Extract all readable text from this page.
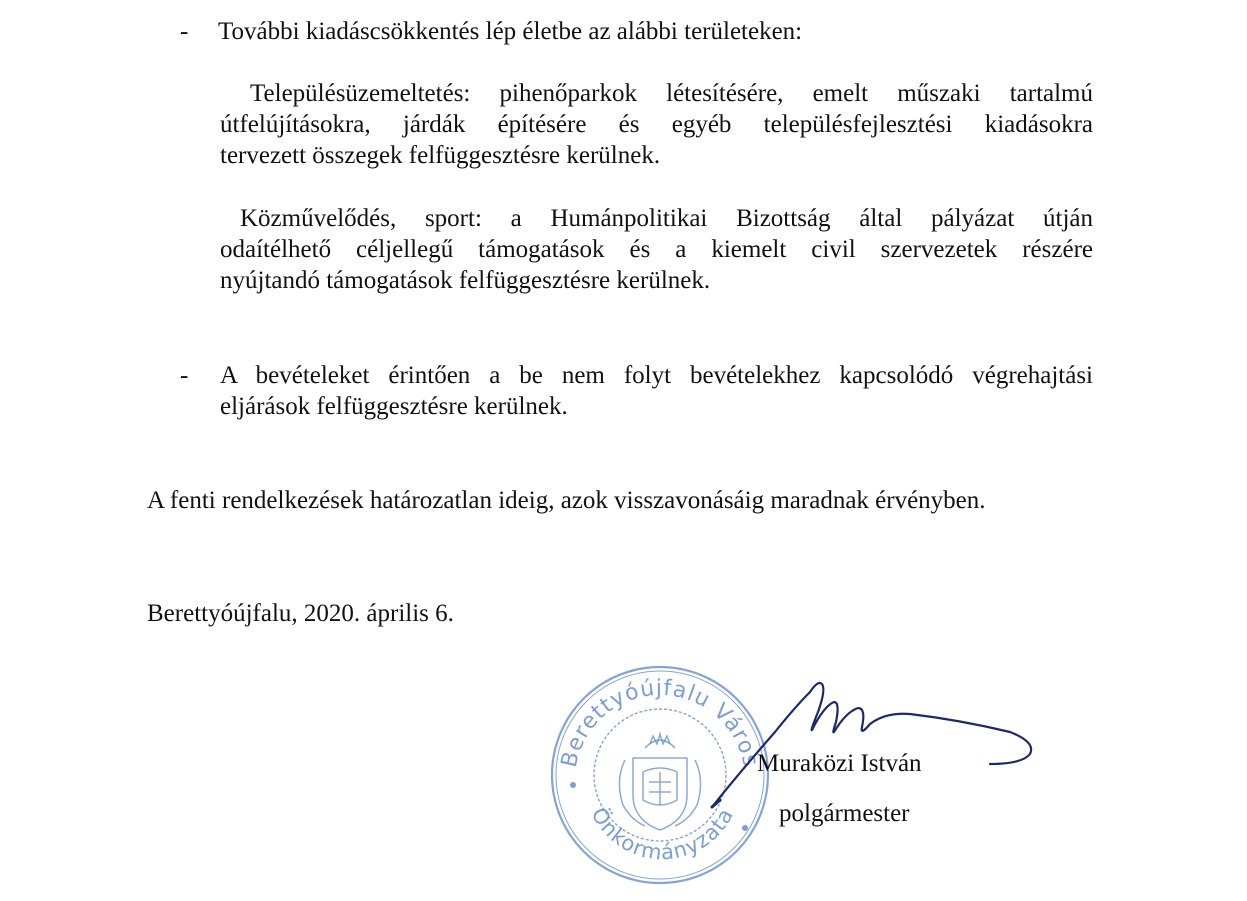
- További kiadáscsökkentés lép életbe az alábbi területeken:
Településüzemeltetés: pihenőparkok létesítésére, emelt műszaki tartalmú
útfelújításokra, járdák építésére és egyéb településfejlesztési kiadásokra
tervezett összegek felfüggesztésre kerülnek.
Közművelődés, sport: a Humánpolitikai Bizottság által pályázat útján
odaítélhető céljellegű támogatások és a kiemelt civil szervezetek részére
nyújtandó támogatások felfüggesztésre kerülnek.
- A bevételeket érintően a be nem folyt bevételekhez kapcsolódó végrehajtási
eljárások felfüggesztésre kerülnek.
A fenti rendelkezések határozatlan ideig, azok visszavonásáig maradnak érvényben.
Berettyóújfalu, 2020. április 6.
Berettyóújfalu Város
Önkormányzata
Muraközi István
polgármester
